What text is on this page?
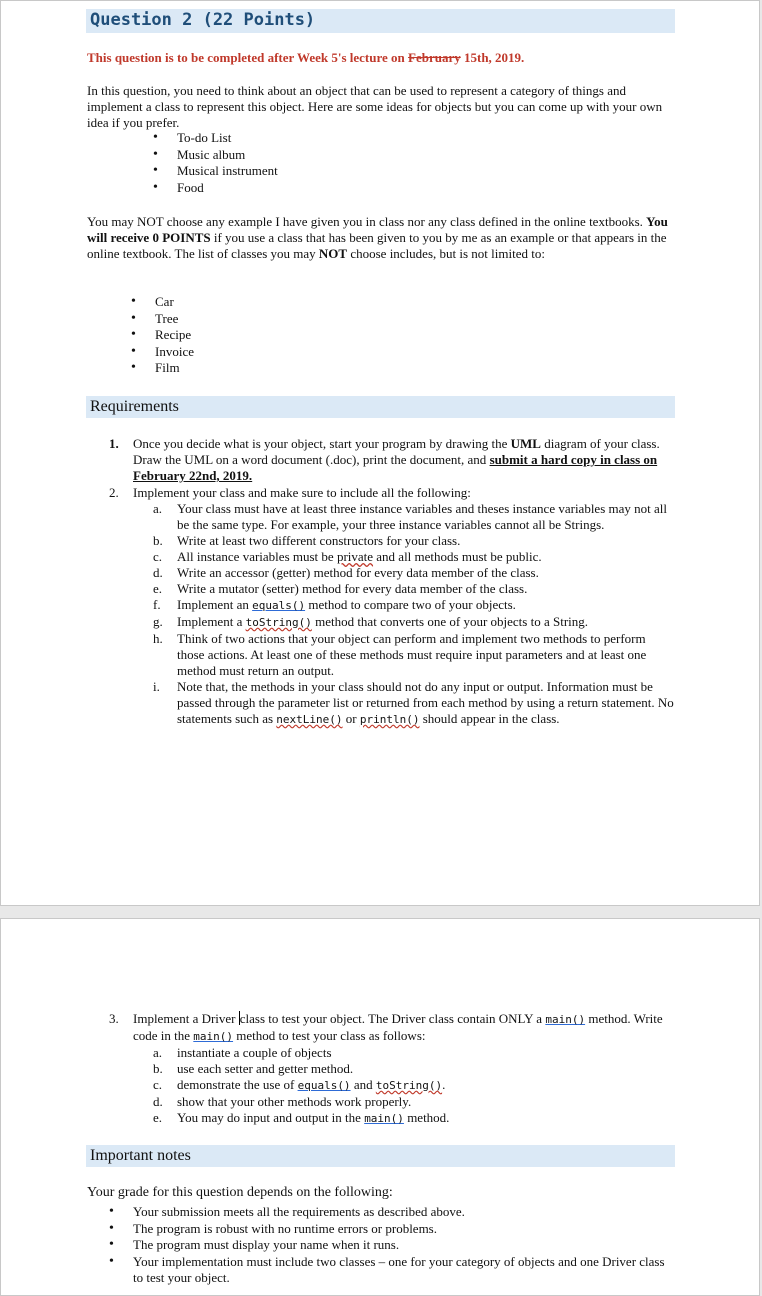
Question 2 (22 Points)
This question is to be completed after Week 5's lecture on February 15th, 2019.
In this question, you need to think about an object that can be used to represent a category of things and implement a class to represent this object. Here are some ideas for objects but you can come up with your own idea if you prefer.
• To-do List
• Music album
• Musical instrument
• Food
You may NOT choose any example I have given you in class nor any class defined in the online textbooks. You will receive 0 POINTS if you use a class that has been given to you by me as an example or that appears in the online textbook. The list of classes you may NOT choose includes, but is not limited to:
• Car
• Tree
• Recipe
• Invoice
• Film
Requirements
1. Once you decide what is your object, start your program by drawing the UML diagram of your class. Draw the UML on a word document (.doc), print the document, and submit a hard copy in class on February 22nd, 2019.
2. Implement your class and make sure to include all the following:
a. Your class must have at least three instance variables and theses instance variables may not all be the same type. For example, your three instance variables cannot all be Strings.
b. Write at least two different constructors for your class.
c. All instance variables must be private and all methods must be public.
d. Write an accessor (getter) method for every data member of the class.
e. Write a mutator (setter) method for every data member of the class.
f. Implement an equals() method to compare two of your objects.
g. Implement a toString() method that converts one of your objects to a String.
h. Think of two actions that your object can perform and implement two methods to perform those actions. At least one of these methods must require input parameters and at least one method must return an output.
i. Note that, the methods in your class should not do any input or output. Information must be passed through the parameter list or returned from each method by using a return statement. No statements such as nextLine() or println() should appear in the class.
3. Implement a Driver class to test your object. The Driver class contain ONLY a main() method. Write code in the main() method to test your class as follows:
a. instantiate a couple of objects
b. use each setter and getter method.
c. demonstrate the use of equals() and toString().
d. show that your other methods work properly.
e. You may do input and output in the main() method.
Important notes
Your grade for this question depends on the following:
• Your submission meets all the requirements as described above.
• The program is robust with no runtime errors or problems.
• The program must display your name when it runs.
• Your implementation must include two classes – one for your category of objects and one Driver class to test your object.
